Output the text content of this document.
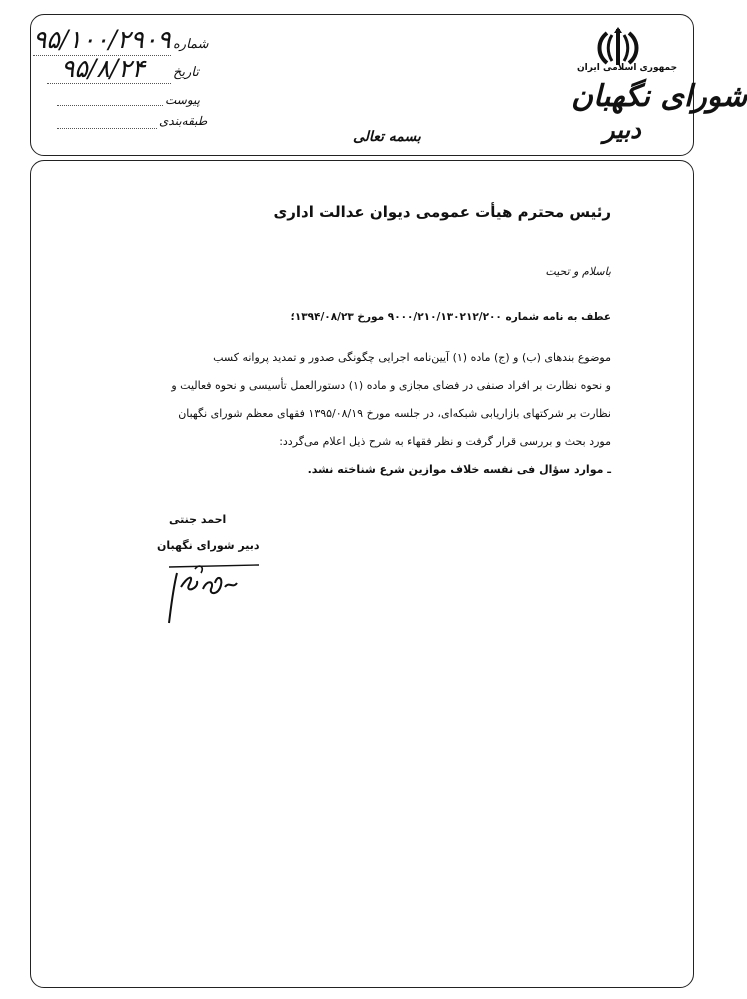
جمهوری اسلامی ایران
شورای نگهبان
دبیر
بسمه تعالی
شماره
۹۵/۱۰۰/۲۹۰۹
تاریخ
۹۵/۸/۲۴
پیوست
طبقه‌بندی
رئیس محترم هیأت عمومی دیوان عدالت اداری
باسلام و تحیت
عطف به نامه شماره ۹۰۰۰/۲۱۰/۱۳۰۲۱۲/۲۰۰ مورخ ۱۳۹۴/۰۸/۲۳؛
موضوع بندهای (ب) و (ج) ماده (۱) آیین‌نامه اجرایی چگونگی صدور و تمدید پروانه کسب
و نحوه نظارت بر افراد صنفی در فضای مجازی و ماده (۱) دستورالعمل تأسیسی و نحوه فعالیت و
نظارت بر شرکتهای بازاریابی شبکه‌ای، در جلسه مورخ ۱۳۹۵/۰۸/۱۹ فقهای معظم شورای نگهبان
مورد بحث و بررسی قرار گرفت و نظر فقهاء به شرح ذیل اعلام می‌گردد:
ـ موارد سؤال فی نفسه خلاف موازین شرع شناخته نشد.
احمد جنتی
دبیر شورای نگهبان
